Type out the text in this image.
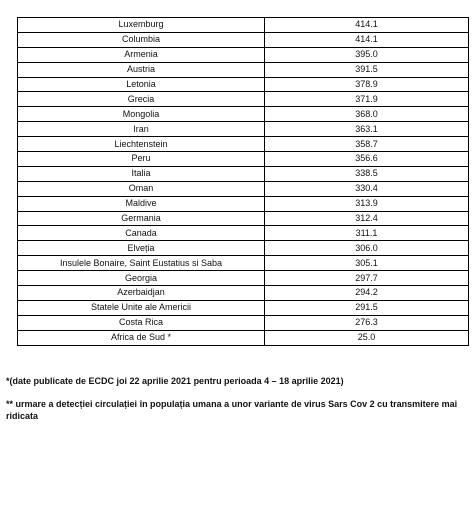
Luxemburg	414.1
Columbia	414.1
Armenia	395.0
Austria	391.5
Letonia	378.9
Grecia	371.9
Mongolia	368.0
Iran	363.1
Liechtenstein	358.7
Peru	356.6
Italia	338.5
Oman	330.4
Maldive	313.9
Germania	312.4
Canada	311.1
Elveția	306.0
Insulele Bonaire, Saint Eustatius si Saba	305.1
Georgia	297.7
Azerbaidjan	294.2
Statele Unite ale Americii	291.5
Costa Rica	276.3
Africa de Sud *	25.0
*(date publicate de ECDC joi 22 aprilie 2021 pentru perioada 4 – 18 aprilie 2021)
** urmare a detecției circulației în populația umana a unor variante de virus Sars Cov 2 cu transmitere mai ridicata
